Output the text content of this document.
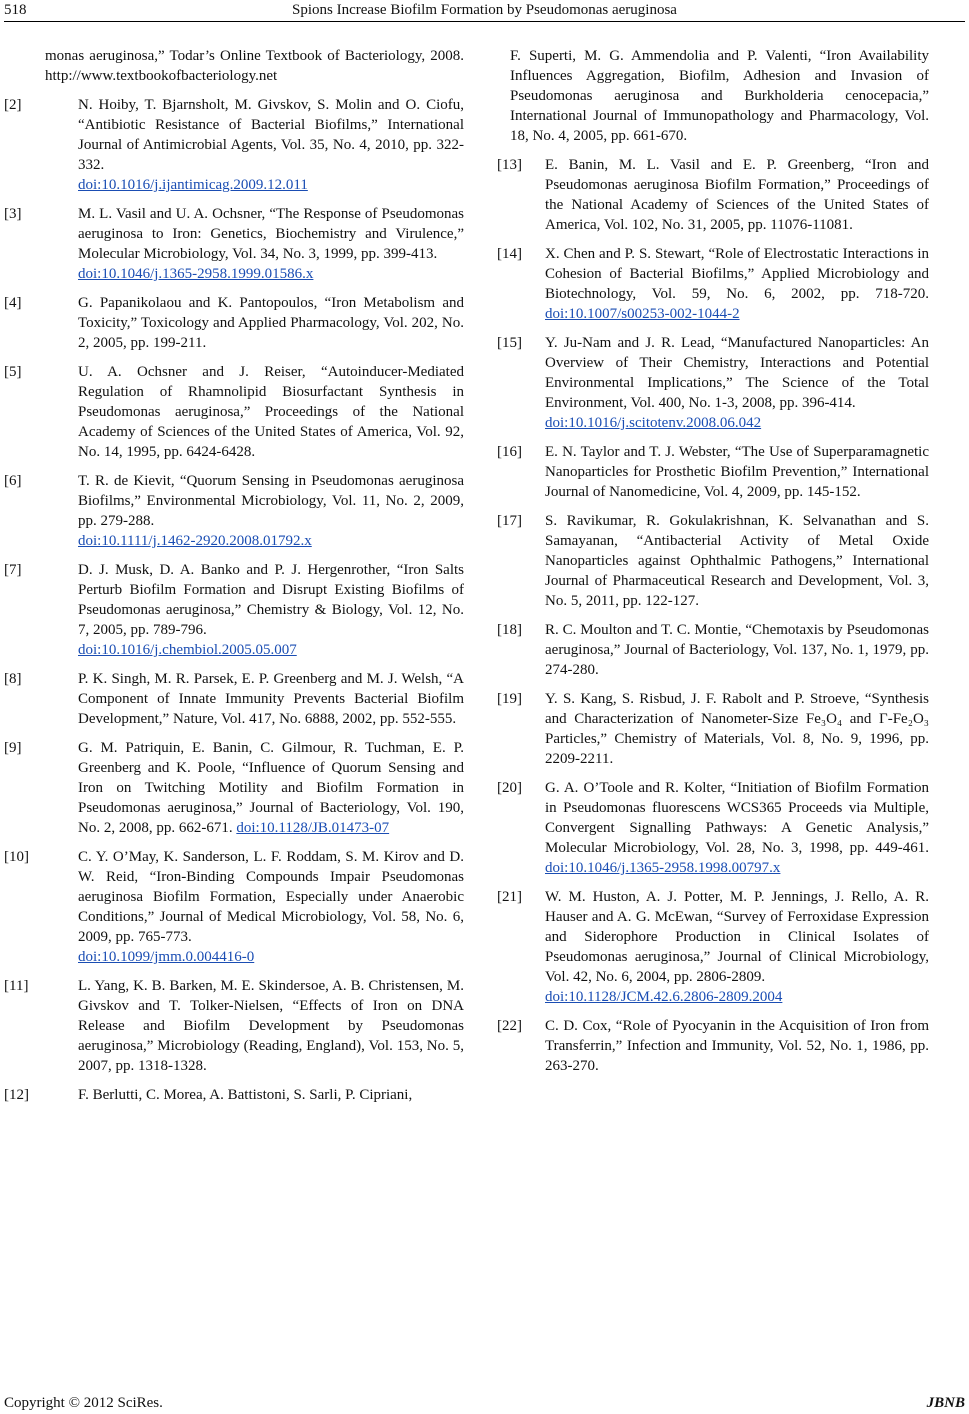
518	Spions Increase Biofilm Formation by Pseudomonas aeruginosa
monas aeruginosa,” Todar’s Online Textbook of Bacteriology, 2008. http://www.textbookofbacteriology.net
[2]	N. Hoiby, T. Bjarnsholt, M. Givskov, S. Molin and O. Ciofu, “Antibiotic Resistance of Bacterial Biofilms,” International Journal of Antimicrobial Agents, Vol. 35, No. 4, 2010, pp. 322-332.
doi:10.1016/j.ijantimicag.2009.12.011
[3]	M. L. Vasil and U. A. Ochsner, “The Response of Pseudomonas aeruginosa to Iron: Genetics, Biochemistry and Virulence,” Molecular Microbiology, Vol. 34, No. 3, 1999, pp. 399-413.
doi:10.1046/j.1365-2958.1999.01586.x
[4]	G. Papanikolaou and K. Pantopoulos, “Iron Metabolism and Toxicity,” Toxicology and Applied Pharmacology, Vol. 202, No. 2, 2005, pp. 199-211.
[5]	U. A. Ochsner and J. Reiser, “Autoinducer-Mediated Regulation of Rhamnolipid Biosurfactant Synthesis in Pseudomonas aeruginosa,” Proceedings of the National Academy of Sciences of the United States of America, Vol. 92, No. 14, 1995, pp. 6424-6428.
[6]	T. R. de Kievit, “Quorum Sensing in Pseudomonas aeruginosa Biofilms,” Environmental Microbiology, Vol. 11, No. 2, 2009, pp. 279-288.
doi:10.1111/j.1462-2920.2008.01792.x
[7]	D. J. Musk, D. A. Banko and P. J. Hergenrother, “Iron Salts Perturb Biofilm Formation and Disrupt Existing Biofilms of Pseudomonas aeruginosa,” Chemistry & Biology, Vol. 12, No. 7, 2005, pp. 789-796.
doi:10.1016/j.chembiol.2005.05.007
[8]	P. K. Singh, M. R. Parsek, E. P. Greenberg and M. J. Welsh, “A Component of Innate Immunity Prevents Bacterial Biofilm Development,” Nature, Vol. 417, No. 6888, 2002, pp. 552-555.
[9]	G. M. Patriquin, E. Banin, C. Gilmour, R. Tuchman, E. P. Greenberg and K. Poole, “Influence of Quorum Sensing and Iron on Twitching Motility and Biofilm Formation in Pseudomonas aeruginosa,” Journal of Bacteriology, Vol. 190, No. 2, 2008, pp. 662-671. doi:10.1128/JB.01473-07
[10]	C. Y. O’May, K. Sanderson, L. F. Roddam, S. M. Kirov and D. W. Reid, “Iron-Binding Compounds Impair Pseudomonas aeruginosa Biofilm Formation, Especially under Anaerobic Conditions,” Journal of Medical Microbiology, Vol. 58, No. 6, 2009, pp. 765-773.
doi:10.1099/jmm.0.004416-0
[11]	L. Yang, K. B. Barken, M. E. Skindersoe, A. B. Christensen, M. Givskov and T. Tolker-Nielsen, “Effects of Iron on DNA Release and Biofilm Development by Pseudomonas aeruginosa,” Microbiology (Reading, England), Vol. 153, No. 5, 2007, pp. 1318-1328.
[12]	F. Berlutti, C. Morea, A. Battistoni, S. Sarli, P. Cipriani,
F. Superti, M. G. Ammendolia and P. Valenti, “Iron Availability Influences Aggregation, Biofilm, Adhesion and Invasion of Pseudomonas aeruginosa and Burkholderia cenocepacia,” International Journal of Immunopathology and Pharmacology, Vol. 18, No. 4, 2005, pp. 661-670.
[13]	E. Banin, M. L. Vasil and E. P. Greenberg, “Iron and Pseudomonas aeruginosa Biofilm Formation,” Proceedings of the National Academy of Sciences of the United States of America, Vol. 102, No. 31, 2005, pp. 11076-11081.
[14]	X. Chen and P. S. Stewart, “Role of Electrostatic Interactions in Cohesion of Bacterial Biofilms,” Applied Microbiology and Biotechnology, Vol. 59, No. 6, 2002, pp. 718-720. doi:10.1007/s00253-002-1044-2
[15]	Y. Ju-Nam and J. R. Lead, “Manufactured Nanoparticles: An Overview of Their Chemistry, Interactions and Potential Environmental Implications,” The Science of the Total Environment, Vol. 400, No. 1-3, 2008, pp. 396-414.
doi:10.1016/j.scitotenv.2008.06.042
[16]	E. N. Taylor and T. J. Webster, “The Use of Superparamagnetic Nanoparticles for Prosthetic Biofilm Prevention,” International Journal of Nanomedicine, Vol. 4, 2009, pp. 145-152.
[17]	S. Ravikumar, R. Gokulakrishnan, K. Selvanathan and S. Samayanan, “Antibacterial Activity of Metal Oxide Nanoparticles against Ophthalmic Pathogens,” International Journal of Pharmaceutical Research and Development, Vol. 3, No. 5, 2011, pp. 122-127.
[18]	R. C. Moulton and T. C. Montie, “Chemotaxis by Pseudomonas aeruginosa,” Journal of Bacteriology, Vol. 137, No. 1, 1979, pp. 274-280.
[19]	Y. S. Kang, S. Risbud, J. F. Rabolt and P. Stroeve, “Synthesis and Characterization of Nanometer-Size Fe₃O₄ and Γ-Fe₂O₃ Particles,” Chemistry of Materials, Vol. 8, No. 9, 1996, pp. 2209-2211.
[20]	G. A. O’Toole and R. Kolter, “Initiation of Biofilm Formation in Pseudomonas fluorescens WCS365 Proceeds via Multiple, Convergent Signalling Pathways: A Genetic Analysis,” Molecular Microbiology, Vol. 28, No. 3, 1998, pp. 449-461. doi:10.1046/j.1365-2958.1998.00797.x
[21]	W. M. Huston, A. J. Potter, M. P. Jennings, J. Rello, A. R. Hauser and A. G. McEwan, “Survey of Ferroxidase Expression and Siderophore Production in Clinical Isolates of Pseudomonas aeruginosa,” Journal of Clinical Microbiology, Vol. 42, No. 6, 2004, pp. 2806-2809.
doi:10.1128/JCM.42.6.2806-2809.2004
[22]	C. D. Cox, “Role of Pyocyanin in the Acquisition of Iron from Transferrin,” Infection and Immunity, Vol. 52, No. 1, 1986, pp. 263-270.
Copyright © 2012 SciRes.	JBNB
